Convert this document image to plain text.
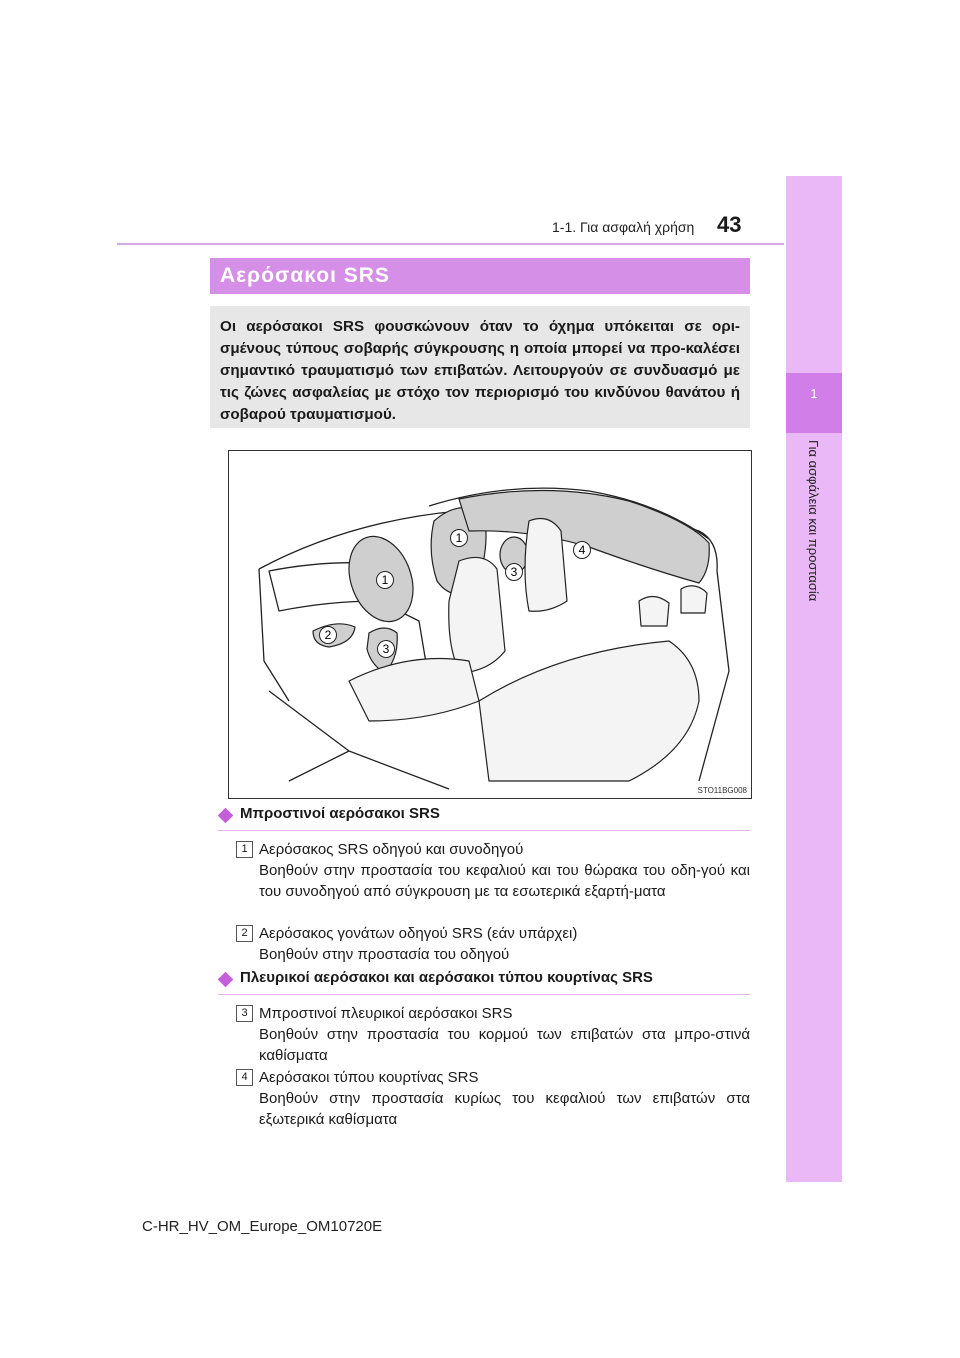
1-1. Για ασφαλή χρήση 43
1
Για ασφάλεια και προστασία
Αερόσακοι SRS

Οι αερόσακοι SRS φουσκώνουν όταν το όχημα υπόκειται σε ορι-σμένους τύπους σοβαρής σύγκρουσης η οποία μπορεί να προ-καλέσει σημαντικό τραυματισμό των επιβατών. Λειτουργούν σε συνδυασμό με τις ζώνες ασφαλείας με στόχο τον περιορισμό του κινδύνου θανάτου ή σοβαρού τραυματισμού.

1
1
2
3
3
4
STO11BG008
Μπροστινοί αερόσακοι SRS
1 Αερόσακος SRS οδηγού και συνοδηγού
Βοηθούν στην προστασία του κεφαλιού και του θώρακα του οδη-γού και του συνοδηγού από σύγκρουση με τα εσωτερικά εξαρτή-ματα
2 Αερόσακος γονάτων οδηγού SRS (εάν υπάρχει)
Βοηθούν στην προστασία του οδηγού
Πλευρικοί αερόσακοι και αερόσακοι τύπου κουρτίνας SRS
3 Μπροστινοί πλευρικοί αερόσακοι SRS
Βοηθούν στην προστασία του κορμού των επιβατών στα μπρο-στινά καθίσματα
4 Αερόσακοι τύπου κουρτίνας SRS
Βοηθούν στην προστασία κυρίως του κεφαλιού των επιβατών στα εξωτερικά καθίσματα
C-HR_HV_OM_Europe_OM10720E
